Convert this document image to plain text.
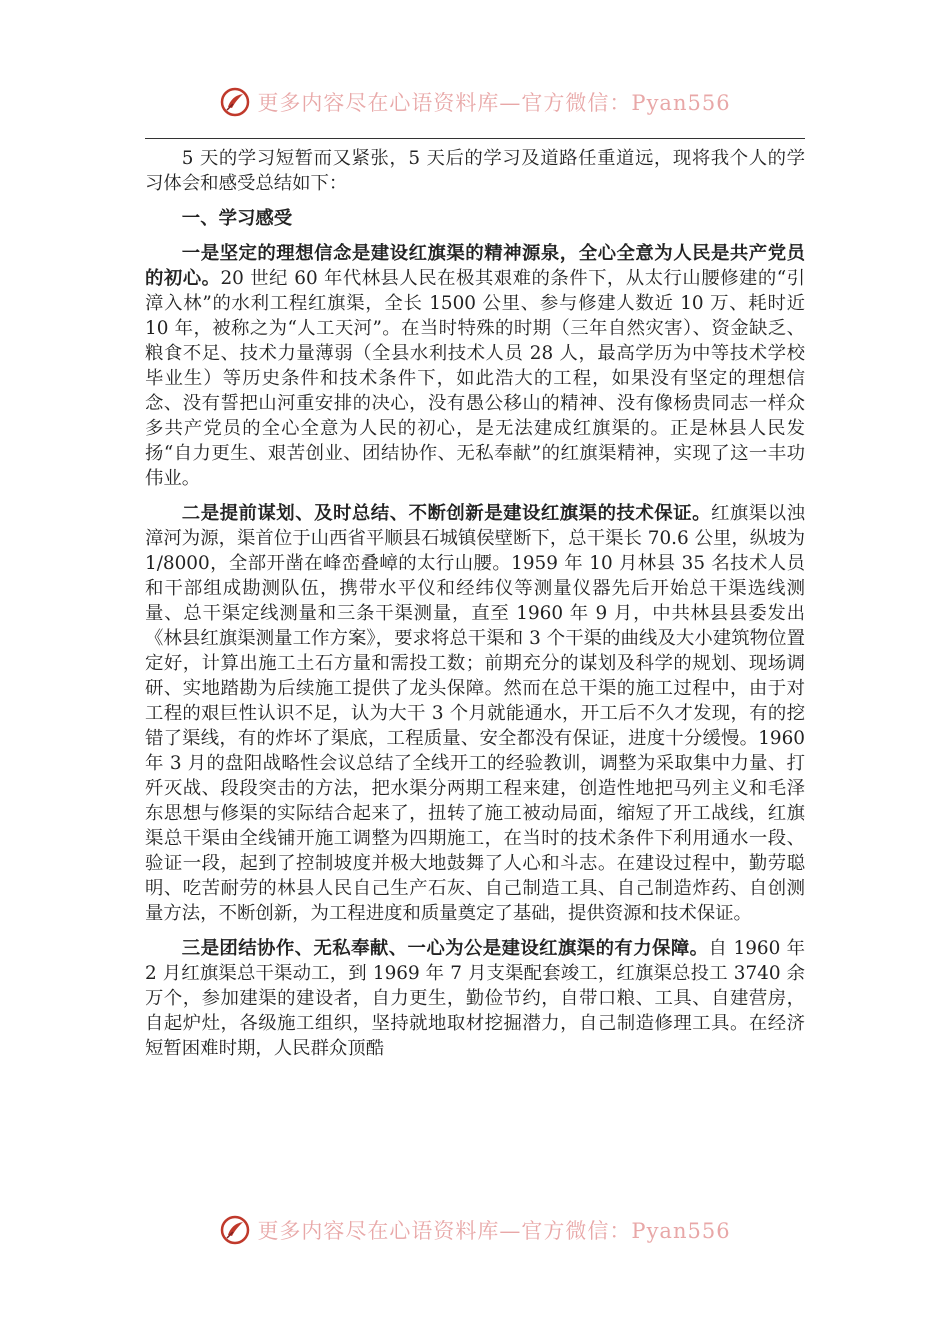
更多内容尽在心语资料库—官方微信：Pyan556

5 天的学习短暂而又紧张，5 天后的学习及道路任重道远，现将我个人的学习体会和感受总结如下：

一、学习感受

一是坚定的理想信念是建设红旗渠的精神源泉，全心全意为人民是共产党员的初心。20 世纪 60 年代林县人民在极其艰难的条件下，从太行山腰修建的“引漳入林”的水利工程红旗渠，全长 1500 公里、参与修建人数近 10 万、耗时近 10 年，被称之为“人工天河”。在当时特殊的时期（三年自然灾害）、资金缺乏、粮食不足、技术力量薄弱（全县水利技术人员 28 人，最高学历为中等技术学校毕业生）等历史条件和技术条件下，如此浩大的工程，如果没有坚定的理想信念、没有誓把山河重安排的决心，没有愚公移山的精神、没有像杨贵同志一样众多共产党员的全心全意为人民的初心，是无法建成红旗渠的。正是林县人民发扬“自力更生、艰苦创业、团结协作、无私奉献”的红旗渠精神，实现了这一丰功伟业。

二是提前谋划、及时总结、不断创新是建设红旗渠的技术保证。红旗渠以浊漳河为源，渠首位于山西省平顺县石城镇侯壁断下，总干渠长 70.6 公里，纵坡为 1/8000，全部开凿在峰峦叠嶂的太行山腰。1959 年 10 月林县 35 名技术人员和干部组成勘测队伍，携带水平仪和经纬仪等测量仪器先后开始总干渠选线测量、总干渠定线测量和三条干渠测量，直至 1960 年 9 月，中共林县县委发出《林县红旗渠测量工作方案》，要求将总干渠和 3 个干渠的曲线及大小建筑物位置定好，计算出施工土石方量和需投工数；前期充分的谋划及科学的规划、现场调研、实地踏勘为后续施工提供了龙头保障。然而在总干渠的施工过程中，由于对工程的艰巨性认识不足，认为大干 3 个月就能通水，开工后不久才发现，有的挖错了渠线，有的炸坏了渠底，工程质量、安全都没有保证，进度十分缓慢。1960 年 3 月的盘阳战略性会议总结了全线开工的经验教训，调整为采取集中力量、打歼灭战、段段突击的方法，把水渠分两期工程来建，创造性地把马列主义和毛泽东思想与修渠的实际结合起来了，扭转了施工被动局面，缩短了开工战线，红旗渠总干渠由全线铺开施工调整为四期施工，在当时的技术条件下利用通水一段、验证一段，起到了控制坡度并极大地鼓舞了人心和斗志。在建设过程中，勤劳聪明、吃苦耐劳的林县人民自己生产石灰、自己制造工具、自己制造炸药、自创测量方法，不断创新，为工程进度和质量奠定了基础，提供资源和技术保证。

三是团结协作、无私奉献、一心为公是建设红旗渠的有力保障。自 1960 年 2 月红旗渠总干渠动工，到 1969 年 7 月支渠配套竣工，红旗渠总投工 3740 余万个，参加建渠的建设者，自力更生，勤俭节约，自带口粮、工具、自建营房，自起炉灶，各级施工组织，坚持就地取材挖掘潜力，自己制造修理工具。在经济短暂困难时期，人民群众顶酷

更多内容尽在心语资料库—官方微信：Pyan556
